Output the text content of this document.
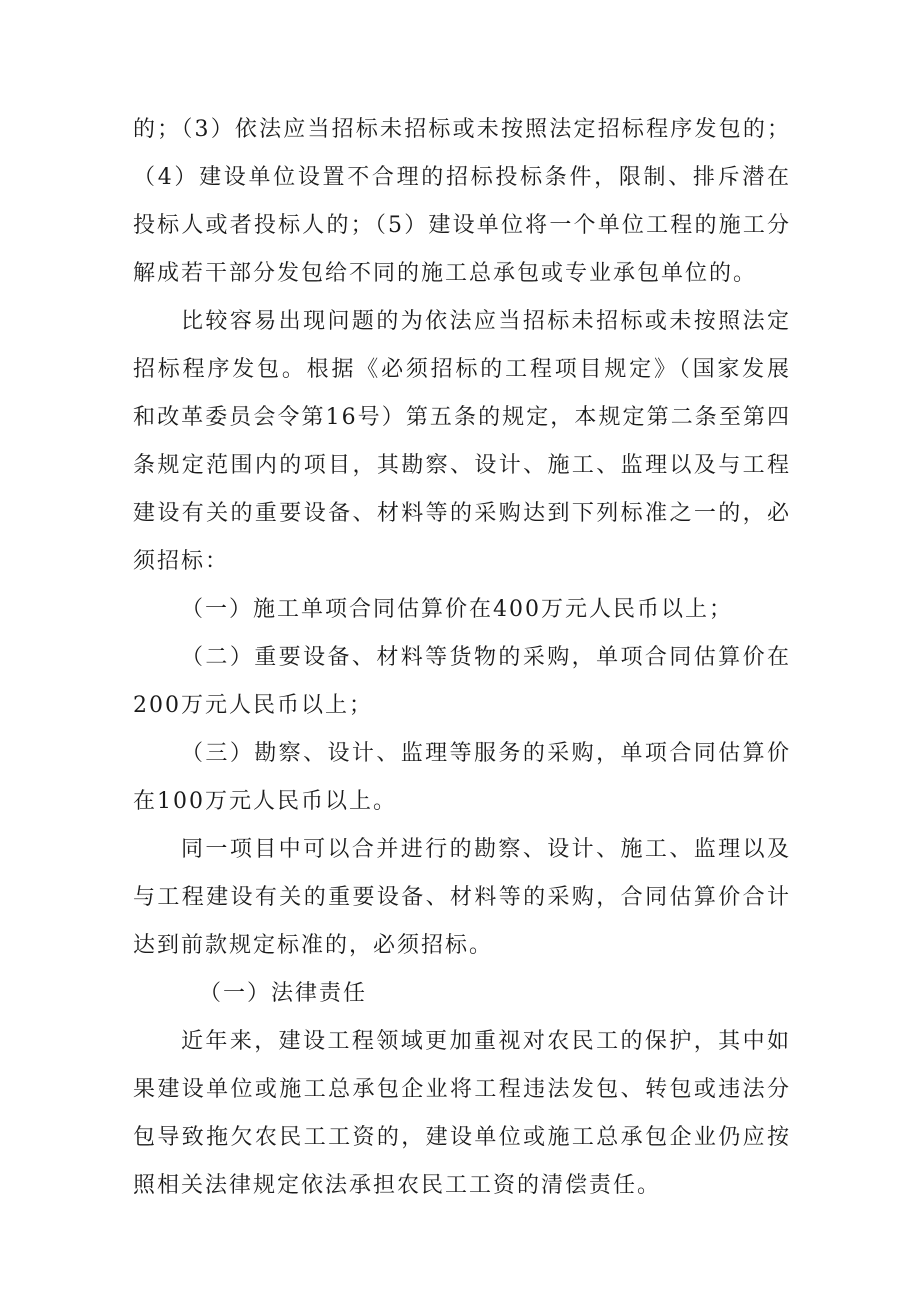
的；（3）依法应当招标未招标或未按照法定招标程序发包的；（4）建设单位设置不合理的招标投标条件，限制、排斥潜在投标人或者投标人的；（5）建设单位将一个单位工程的施工分解成若干部分发包给不同的施工总承包或专业承包单位的。

比较容易出现问题的为依法应当招标未招标或未按照法定招标程序发包。根据《必须招标的工程项目规定》（国家发展和改革委员会令第16号）第五条的规定，本规定第二条至第四条规定范围内的项目，其勘察、设计、施工、监理以及与工程建设有关的重要设备、材料等的采购达到下列标准之一的，必须招标：

（一）施工单项合同估算价在400万元人民币以上；

（二）重要设备、材料等货物的采购，单项合同估算价在200万元人民币以上；

（三）勘察、设计、监理等服务的采购，单项合同估算价在100万元人民币以上。

同一项目中可以合并进行的勘察、设计、施工、监理以及与工程建设有关的重要设备、材料等的采购，合同估算价合计达到前款规定标准的，必须招标。

（一）法律责任

近年来，建设工程领域更加重视对农民工的保护，其中如果建设单位或施工总承包企业将工程违法发包、转包或违法分包导致拖欠农民工工资的，建设单位或施工总承包企业仍应按照相关法律规定依法承担农民工工资的清偿责任。
